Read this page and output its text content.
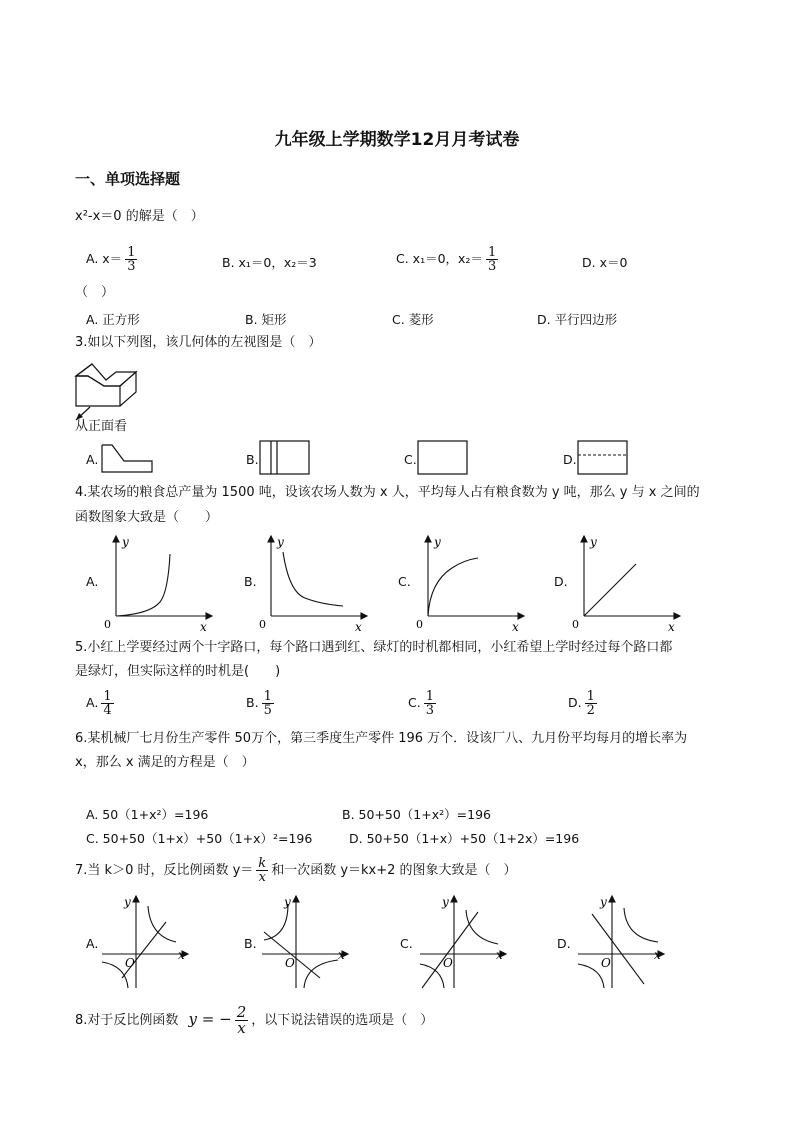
九年级上学期数学12月月考试卷
一、单项选择题
x²-x＝0 的解是（　）
A. $x= \frac{1}{3}$	B. x₁＝0，x₂＝3	C. x₁＝0，$x_2= \frac{1}{3}$	D. x＝0
（　）
A. 正方形	B. 矩形	C. 菱形	D. 平行四边形
3.如以下列图，该几何体的左视图是（　）
从正面看
A.	B.	C.	D.
4.某农场的粮食总产量为 1500 吨，设该农场人数为 x 人，平均每人占有粮食数为 y 吨，那么 y 与 x 之间的
函数图象大致是（　　）
A.	B.	C.	D.
y
x
0
y
x
0
y
x
0
y
x
0
5.小红上学要经过两个十字路口，每个路口遇到红、绿灯的时机都相同，小红希望上学时经过每个路口都
是绿灯，但实际这样的时机是(　　)
A. $\frac{1}{4}$	B. $\frac{1}{5}$	C. $\frac{1}{3}$	D. $\frac{1}{2}$
6.某机械厂七月份生产零件 50万个，第三季度生产零件 196 万个．设该厂八、九月份平均每月的增长率为
x，那么 x 满足的方程是（　）
A. 50（1+x²）=196	B. 50+50（1+x²）=196
C. 50+50（1+x）+50（1+x）²=196	D. 50+50（1+x）+50（1+2x）=196
7.当 k＞0 时，反比例函数 $y= \frac{k}{x}$ 和一次函数 y＝kx+2 的图象大致是（　）
A.	B.	C.	D.
y
x
O
y
x
O
y
x
O
y
x
O
8.对于反比例函数 y = − $\frac{2}{x}$ ，以下说法错误的选项是（　）
